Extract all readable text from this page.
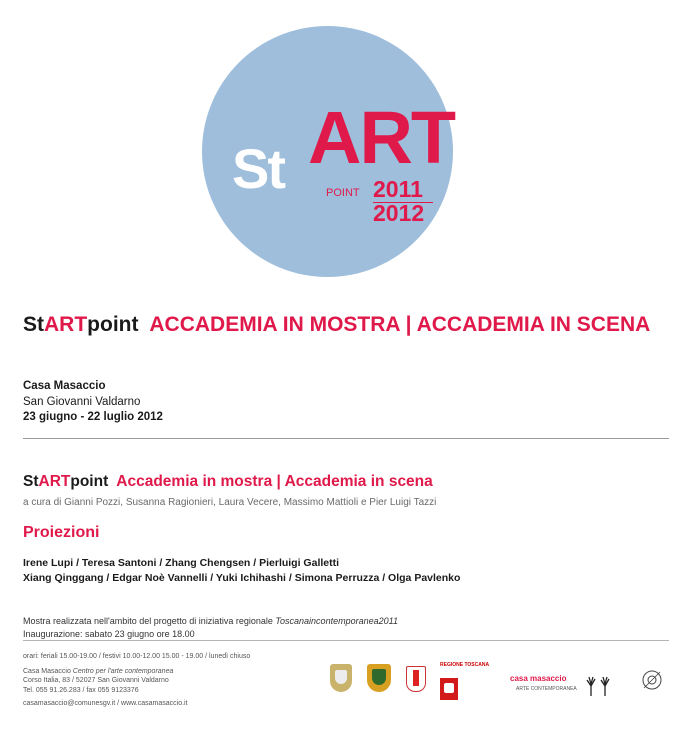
St ART
POINT 2011
2012
StARTpoint ACCADEMIA IN MOSTRA | ACCADEMIA IN SCENA
Casa Masaccio
San Giovanni Valdarno
23 giugno - 22 luglio 2012
StARTpoint Accademia in mostra | Accademia in scena
a cura di Gianni Pozzi, Susanna Ragionieri, Laura Vecere, Massimo Mattioli e Pier Luigi Tazzi
Proiezioni
Irene Lupi / Teresa Santoni / Zhang Chengsen / Pierluigi Galletti
Xiang Qinggang / Edgar Noè Vannelli / Yuki Ichihashi / Simona Perruzza / Olga Pavlenko
Mostra realizzata nell'ambito del progetto di iniziativa regionale Toscanaincontemporanea2011
Inaugurazione: sabato 23 giugno ore 18.00
orari: feriali 15.00-19.00 / festivi 10.00-12.00 15.00 - 19.00 / lunedì chiuso
Casa Masaccio Centro per l'arte contemporanea
Corso Italia, 83 / 52027 San Giovanni Valdarno
Tel. 055 91.26.283 / fax 055 9123376
casamasaccio@comunesgv.it / www.casamasaccio.it
REGIONE TOSCANA
casa masaccio
ARTE CONTEMPORANEA
